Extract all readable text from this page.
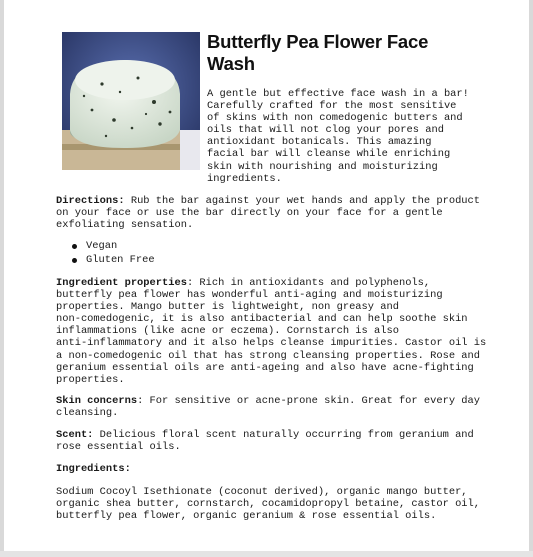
Butterfly Pea Flower Face
Wash
A gentle but effective face wash in a bar!
Carefully crafted for the most sensitive
of skins with non comedogenic butters and
oils that will not clog your pores and
antioxidant botanicals. This amazing
facial bar will cleanse while enriching
skin with nourishing and moisturizing
ingredients.
Directions: Rub the bar against your wet hands and apply the product
on your face or use the bar directly on your face for a gentle
exfoliating sensation.
Vegan
Gluten Free
Ingredient properties: Rich in antioxidants and polyphenols,
butterfly pea flower has wonderful anti-aging and moisturizing
properties. Mango butter is lightweight, non greasy and
non-comedogenic, it is also antibacterial and can help soothe skin
inflammations (like acne or eczema). Cornstarch is also
anti-inflammatory and it also helps cleanse impurities. Castor oil is
a non-comedogenic oil that has strong cleansing properties. Rose and
geranium essential oils are anti-ageing and also have acne-fighting
properties.
Skin concerns: For sensitive or acne-prone skin. Great for every day
cleansing.
Scent: Delicious floral scent naturally occurring from geranium and
rose essential oils.
Ingredients:
Sodium Cocoyl Isethionate (coconut derived), organic mango butter,
organic shea butter, cornstarch, cocamidopropyl betaine, castor oil,
butterfly pea flower, organic geranium & rose essential oils.
